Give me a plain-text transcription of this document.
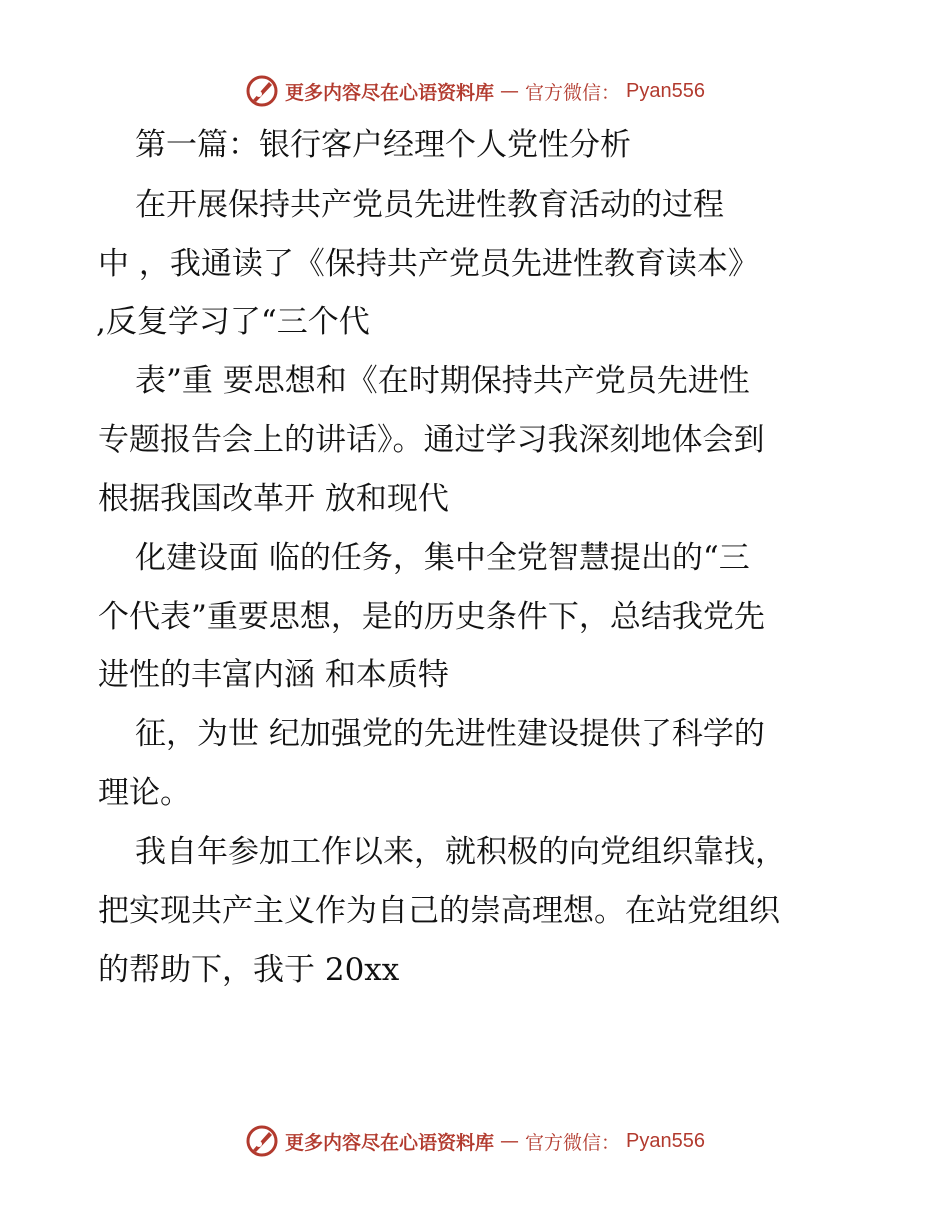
更多内容尽在心语资料库 — 官方微信： Pyan556
第一篇：银行客户经理个人党性分析
在开展保持共产党员先进性教育活动的过程
中 ，我通读了《保持共产党员先进性教育读本》
,反复学习了“三个代
表”重 要思想和《在时期保持共产党员先进性
专题报告会上的讲话》。通过学习我深刻地体会到
根据我国改革开 放和现代
化建设面 临的任务，集中全党智慧提出的“三
个代表”重要思想，是的历史条件下，总结我党先
进性的丰富内涵 和本质特
征，为世 纪加强党的先进性建设提供了科学的
理论。
我自年参加工作以来，就积极的向党组织靠找，
把实现共产主义作为自己的崇高理想。在站党组织
的帮助下，我于 20xx
更多内容尽在心语资料库 — 官方微信： Pyan556
